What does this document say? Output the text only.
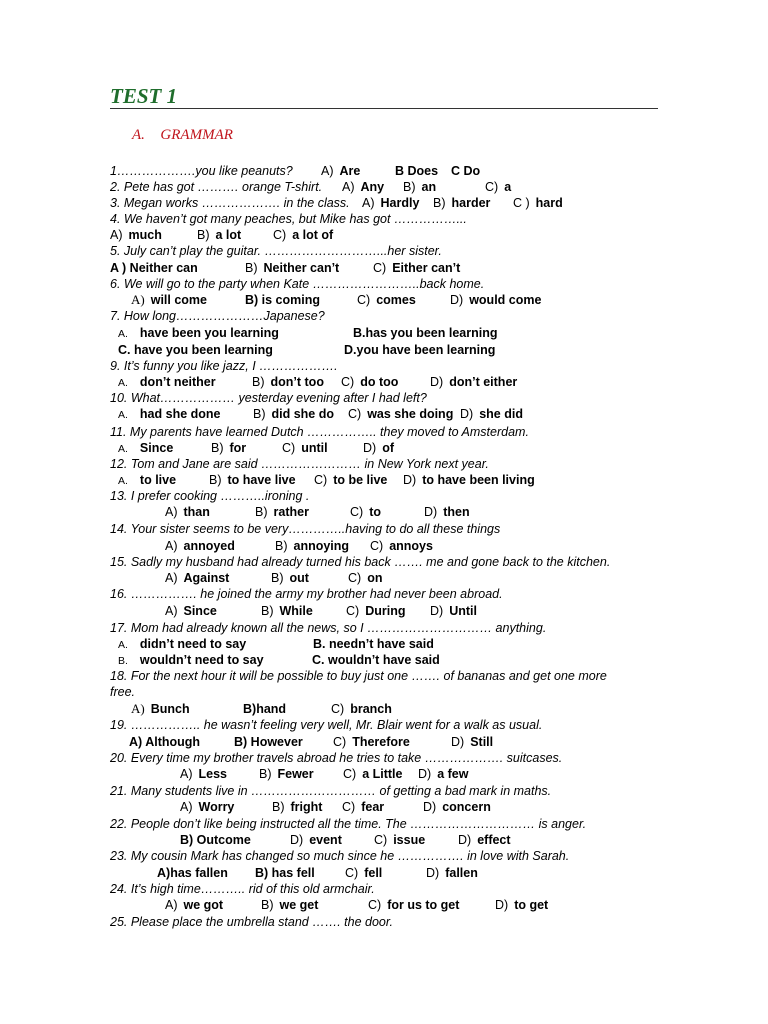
TEST 1
A. GRAMMAR
1……………….you like peanuts? A) Are	B Does C Do
2. Pete has got ………. orange T-shirt. A) Any B) an	C) a
3. Megan works ………………. in the class. A) Hardly B) harder C ) hard
4. We haven’t got many peaches, but Mike has got ……………...
A) much	B) a lot	C) a lot of
5. July can’t play the guitar. ………………………...her sister.
A ) Neither can	B) Neither can’t	C) Either can’t
6. We will go to the party when Kate ……………………..back home.
A) will come	B) is coming	C) comes	D) would come
7. How long…………………Japanese?
A. have been you learning	B.has you been learning
C. have you been learning	D.you have been learning
9. It’s funny you like jazz, I ……………….
A. don’t neither	B) don’t too C) do too	D) don’t either
10. What……………… yesterday evening after I had left?
A. had she done	B) did she do C) was she doing D) she did
11. My parents have learned Dutch …………….. they moved to Amsterdam.
A. Since	B) for	C) until	D) of
12. Tom and Jane are said …………………… in New York next year.
A. to live	B) to have live C) to be live D) to have been living
13. I prefer cooking ………..ironing .
A) than	B) rather	C) to	D) then
14. Your sister seems to be very…………..having to do all these things
A) annoyed	B) annoying C) annoys
15. Sadly my husband had already turned his back ……. me and gone back to the kitchen.
A) Against	B) out	C) on
16. ……………. he joined the army my brother had never been abroad.
A) Since	B) While	C) During D) Until
17. Mom had already known all the news, so I ………………………… anything.
A. didn’t need to say	B. needn’t have said
B. wouldn’t need to say	C. wouldn’t have said
18. For the next hour it will be possible to buy just one ……. of bananas and get one more
free.
A) Bunch	B)hand	C) branch
19. …………….. he wasn’t feeling very well, Mr. Blair went for a walk as usual.
A) Although	B) However C) Therefore	D) Still
20. Every time my brother travels abroad he tries to take ………………. suitcases.
A) Less	B) Fewer C) a Little D) a few
21. Many students live in ………………………… of getting a bad mark in maths.
A) Worry	B) fright C) fear	D) concern
22. People don’t like being instructed all the time. The ………………………… is anger.
B) Outcome	D) event	C) issue	D) effect
23. My cousin Mark has changed so much since he ……………. in love with Sarah.
A)has fallen B) has fell C) fell	D) fallen
24. It’s high time……….. rid of this old armchair.
A) we got	B) we get	C) for us to get	D) to get
25. Please place the umbrella stand ……. the door.
